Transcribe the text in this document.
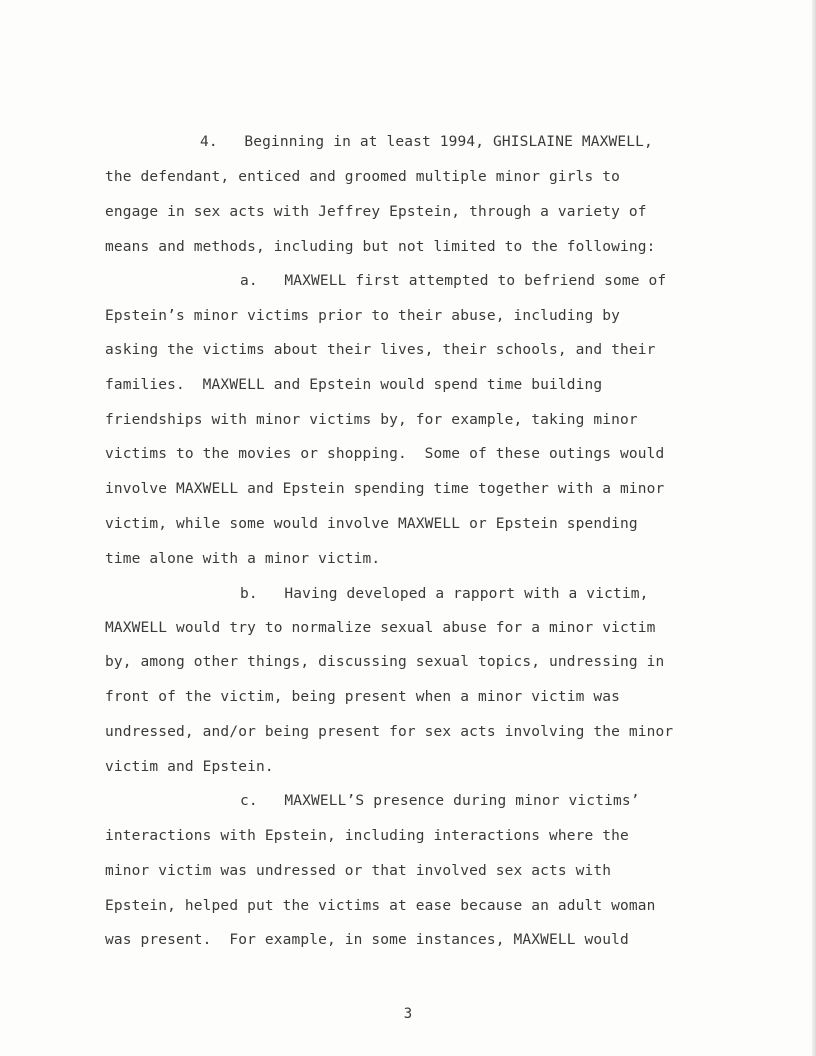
4.   Beginning in at least 1994, GHISLAINE MAXWELL,
the defendant, enticed and groomed multiple minor girls to
engage in sex acts with Jeffrey Epstein, through a variety of
means and methods, including but not limited to the following:
a.   MAXWELL first attempted to befriend some of
Epstein’s minor victims prior to their abuse, including by
asking the victims about their lives, their schools, and their
families.  MAXWELL and Epstein would spend time building
friendships with minor victims by, for example, taking minor
victims to the movies or shopping.  Some of these outings would
involve MAXWELL and Epstein spending time together with a minor
victim, while some would involve MAXWELL or Epstein spending
time alone with a minor victim.
b.   Having developed a rapport with a victim,
MAXWELL would try to normalize sexual abuse for a minor victim
by, among other things, discussing sexual topics, undressing in
front of the victim, being present when a minor victim was
undressed, and/or being present for sex acts involving the minor
victim and Epstein.
c.   MAXWELL’S presence during minor victims’
interactions with Epstein, including interactions where the
minor victim was undressed or that involved sex acts with
Epstein, helped put the victims at ease because an adult woman
was present.  For example, in some instances, MAXWELL would
3
